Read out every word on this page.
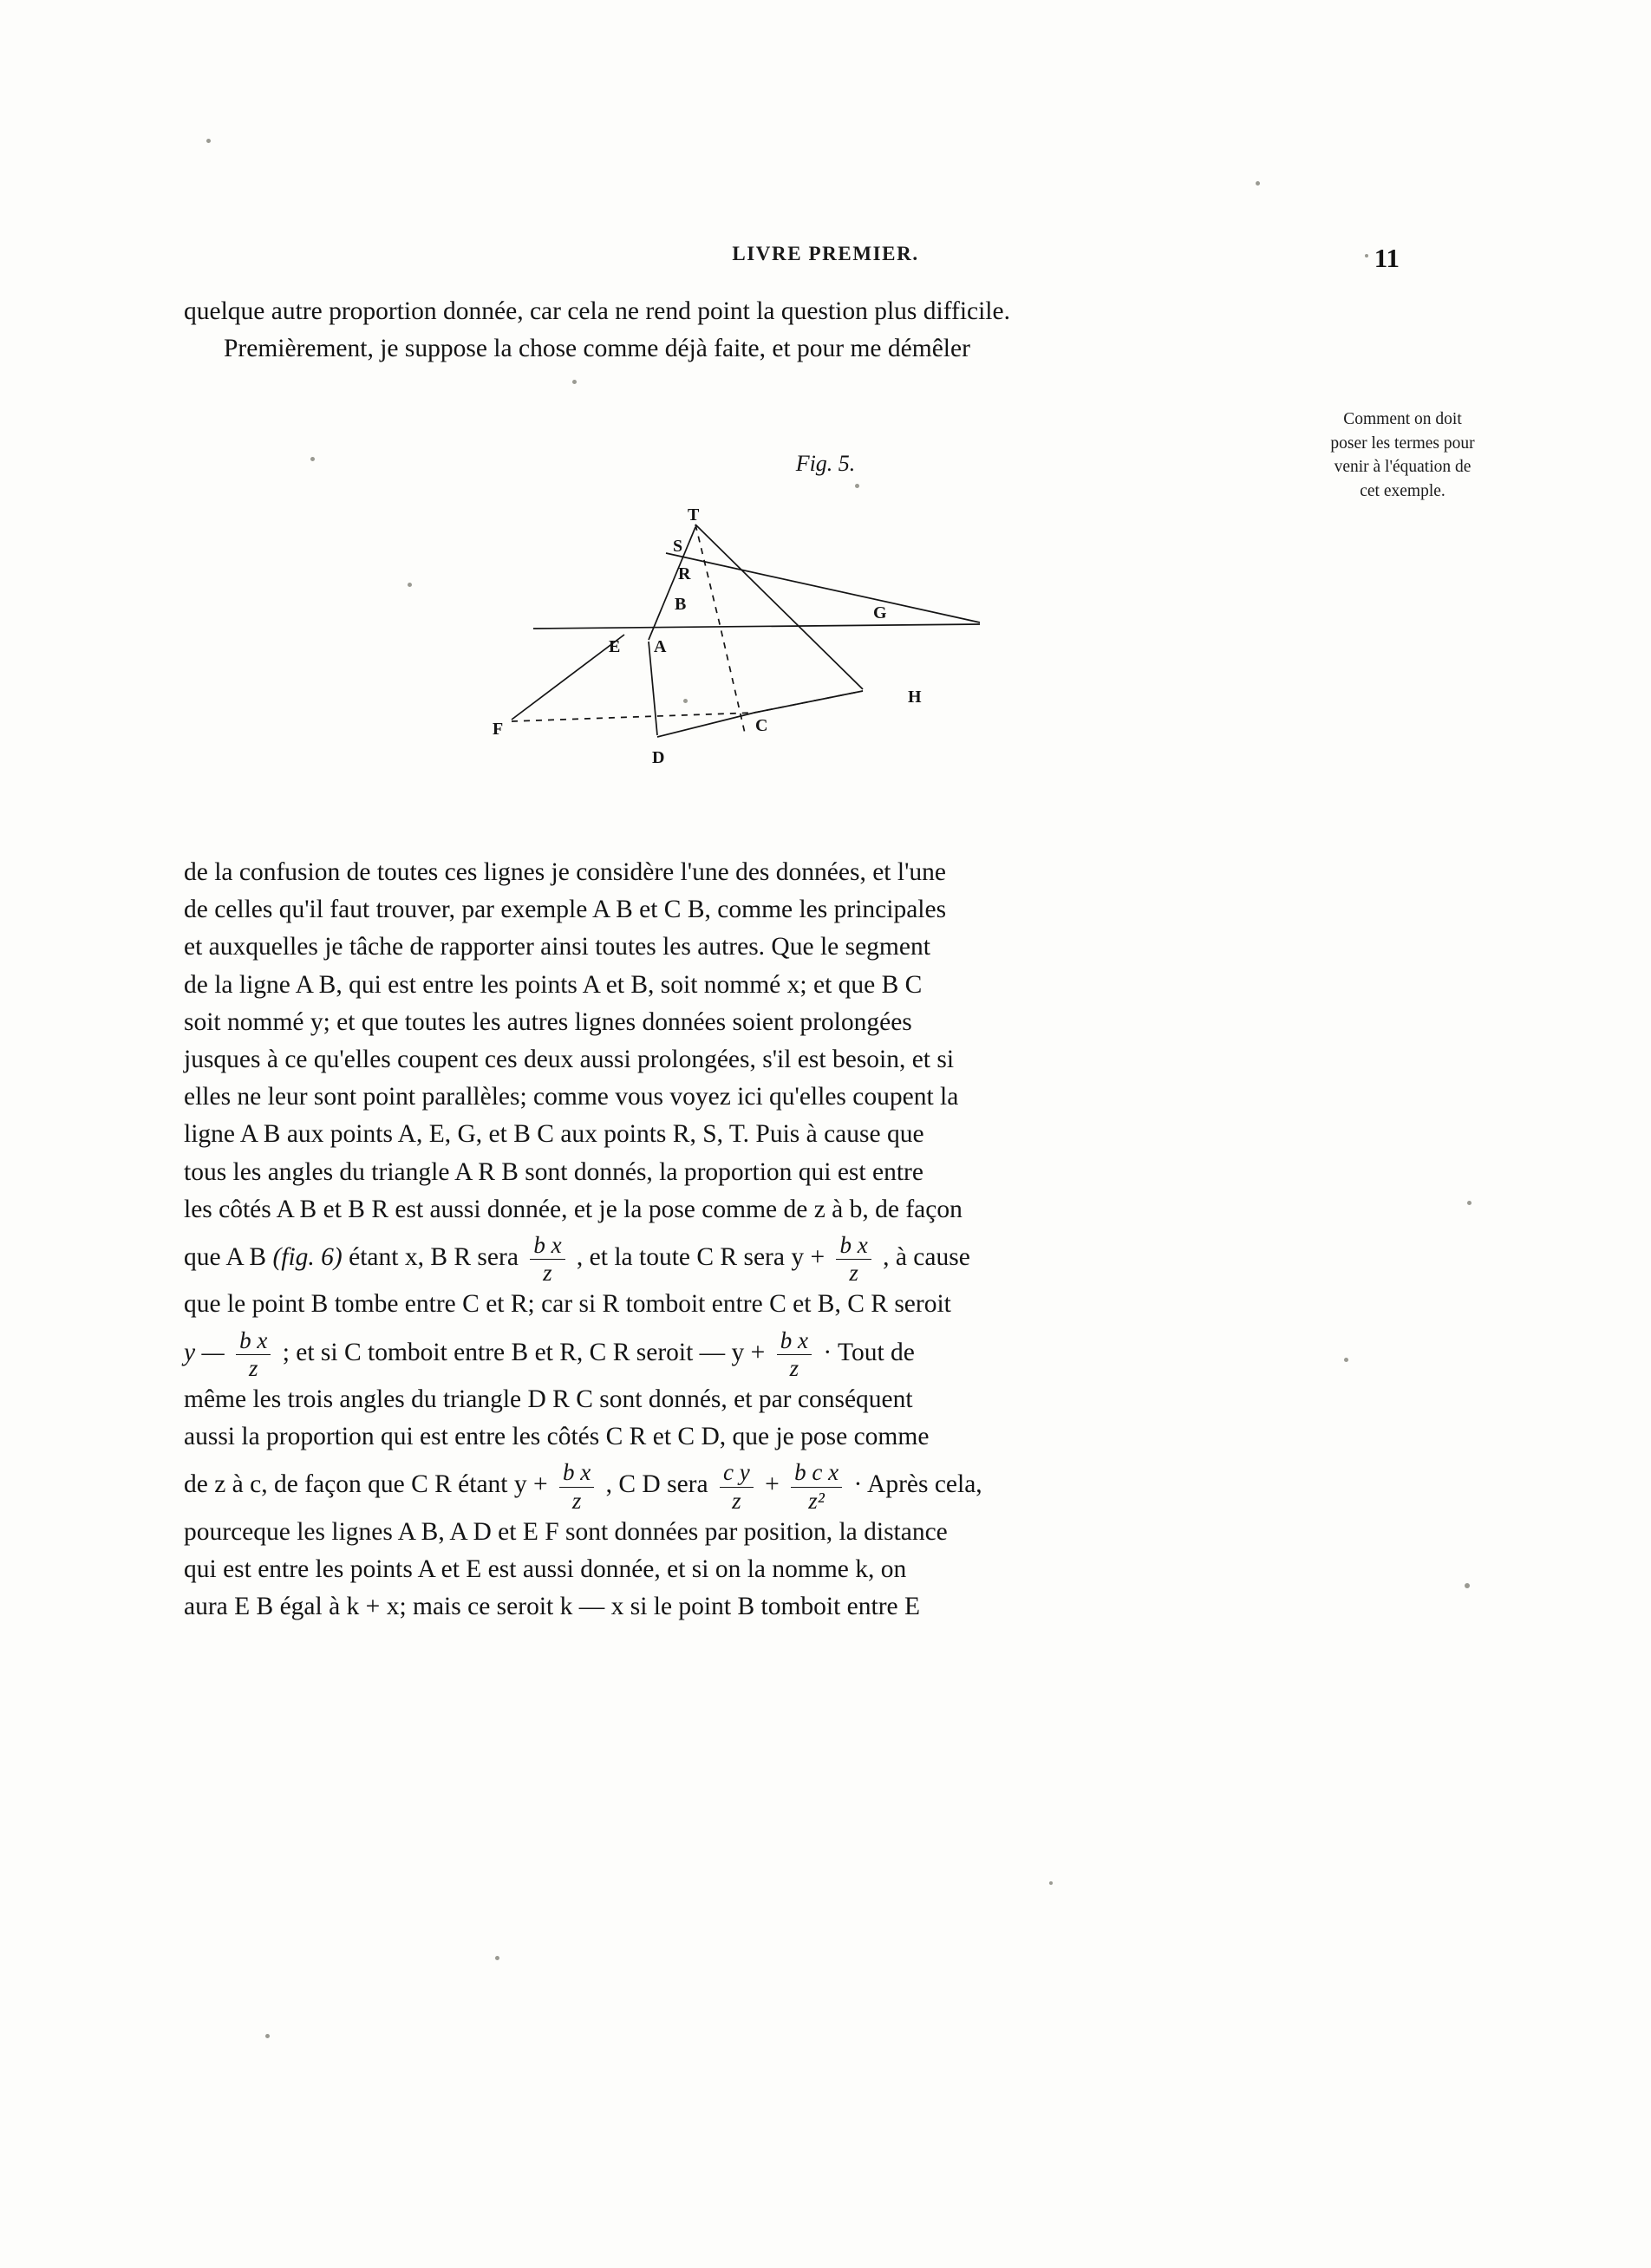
LIVRE PREMIER.	11

quelque autre proportion donnée, car cela ne rend point la question plus difficile.

Premièrement, je suppose la chose comme déjà faite, et pour me démêler

Comment on doit poser les termes pour venir à l'équation de cet exemple.
Fig. 5.
T
S
R
B	G
E A
H
F	C
D
de la confusion de toutes ces lignes je considère l'une des données, et l'une
de celles qu'il faut trouver, par exemple A B et C B, comme les principales
et auxquelles je tâche de rapporter ainsi toutes les autres. Que le segment
de la ligne A B, qui est entre les points A et B, soit nommé x; et que B C
soit nommé y; et que toutes les autres lignes données soient prolongées
jusques à ce qu'elles coupent ces deux aussi prolongées, s'il est besoin, et si
elles ne leur sont point parallèles; comme vous voyez ici qu'elles coupent la
ligne A B aux points A, E, G, et B C aux points R, S, T. Puis à cause que
tous les angles du triangle A R B sont donnés, la proportion qui est entre
les côtés A B et B R est aussi donnée, et je la pose comme de z à b, de façon
que A B (fig. 6) étant x, B R sera $\frac{\text{b x}}{z}$ , et la toute C R sera $y + \frac{\text{b x}}{z}$ , à cause
que le point B tombe entre C et R; car si R tomboit entre C et B, C R seroit
y — $\frac{\text{b x}}{z}$ ; et si C tomboit entre B et R, C R seroit — $y + \frac{\text{b x}}{z}$ · Tout de
même les trois angles du triangle D R C sont donnés, et par conséquent
aussi la proportion qui est entre les côtés C R et C D, que je pose comme
de z à c, de façon que C R étant $y + \frac{\text{b x}}{z}$ , C D sera $\frac{\text{c y}}{z} + \frac{\text{b c x}}{\text{z²}}$ · Après cela,
pourceque les lignes A B, A D et E F sont données par position, la distance
qui est entre les points A et E est aussi donnée, et si on la nomme k, on
aura E B égal à k + x; mais ce seroit k — x si le point B tomboit entre E
